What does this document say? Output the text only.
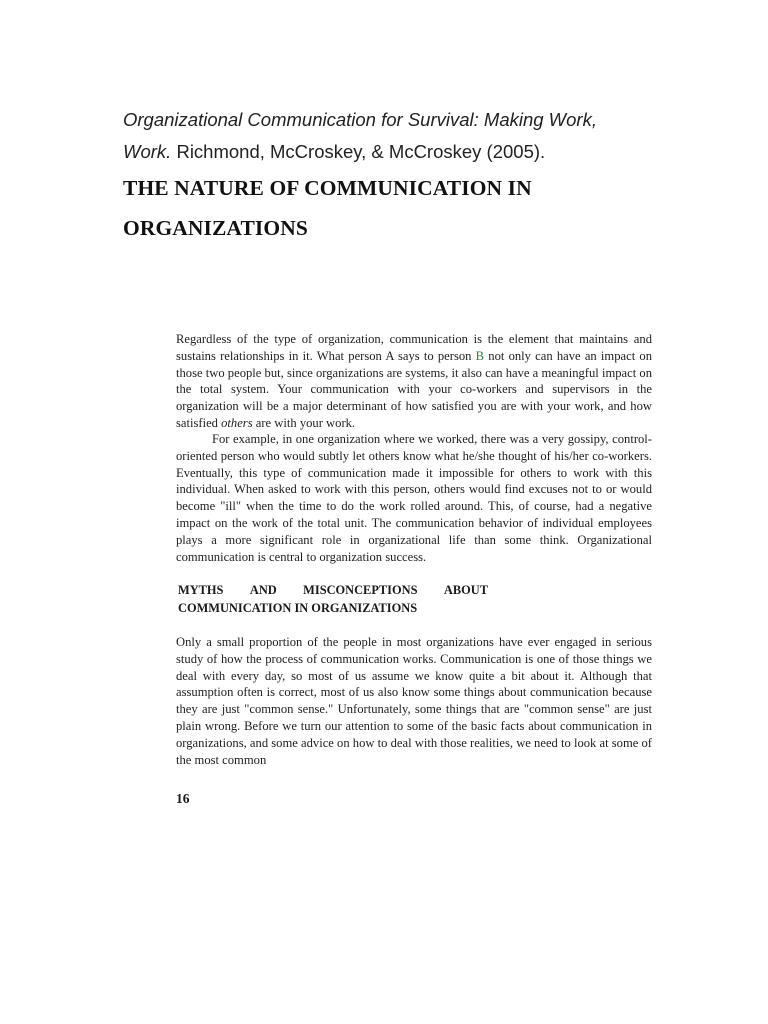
Organizational Communication for Survival: Making Work,
Work. Richmond, McCroskey, & McCroskey (2005).
THE NATURE OF COMMUNICATION IN
ORGANIZATIONS

Regardless of the type of organization, communication is the element that maintains and sustains relationships in it. What person A says to person B not only can have an impact on those two people but, since organizations are systems, it also can have a meaningful impact on the total system. Your communication with your co-workers and supervisors in the organization will be a major determinant of how satisfied you are with your work, and how satisfied others are with your work.

For example, in one organization where we worked, there was a very gossipy, control-oriented person who would subtly let others know what he/she thought of his/her co-workers. Eventually, this type of communication made it impossible for others to work with this individual. When asked to work with this person, others would find excuses not to or would become "ill" when the time to do the work rolled around. This, of course, had a negative impact on the work of the total unit. The communication behavior of individual employees plays a more significant role in organizational life than some think. Organizational communication is central to organization success.

MYTHS AND MISCONCEPTIONS ABOUT
COMMUNICATION IN ORGANIZATIONS

Only a small proportion of the people in most organizations have ever engaged in serious study of how the process of communication works. Communication is one of those things we deal with every day, so most of us assume we know quite a bit about it. Although that assumption often is correct, most of us also know some things about communication because they are just "common sense." Unfortunately, some things that are "common sense" are just plain wrong. Before we turn our attention to some of the basic facts about communication in organizations, and some advice on how to deal with those realities, we need to look at some of the most common

16
